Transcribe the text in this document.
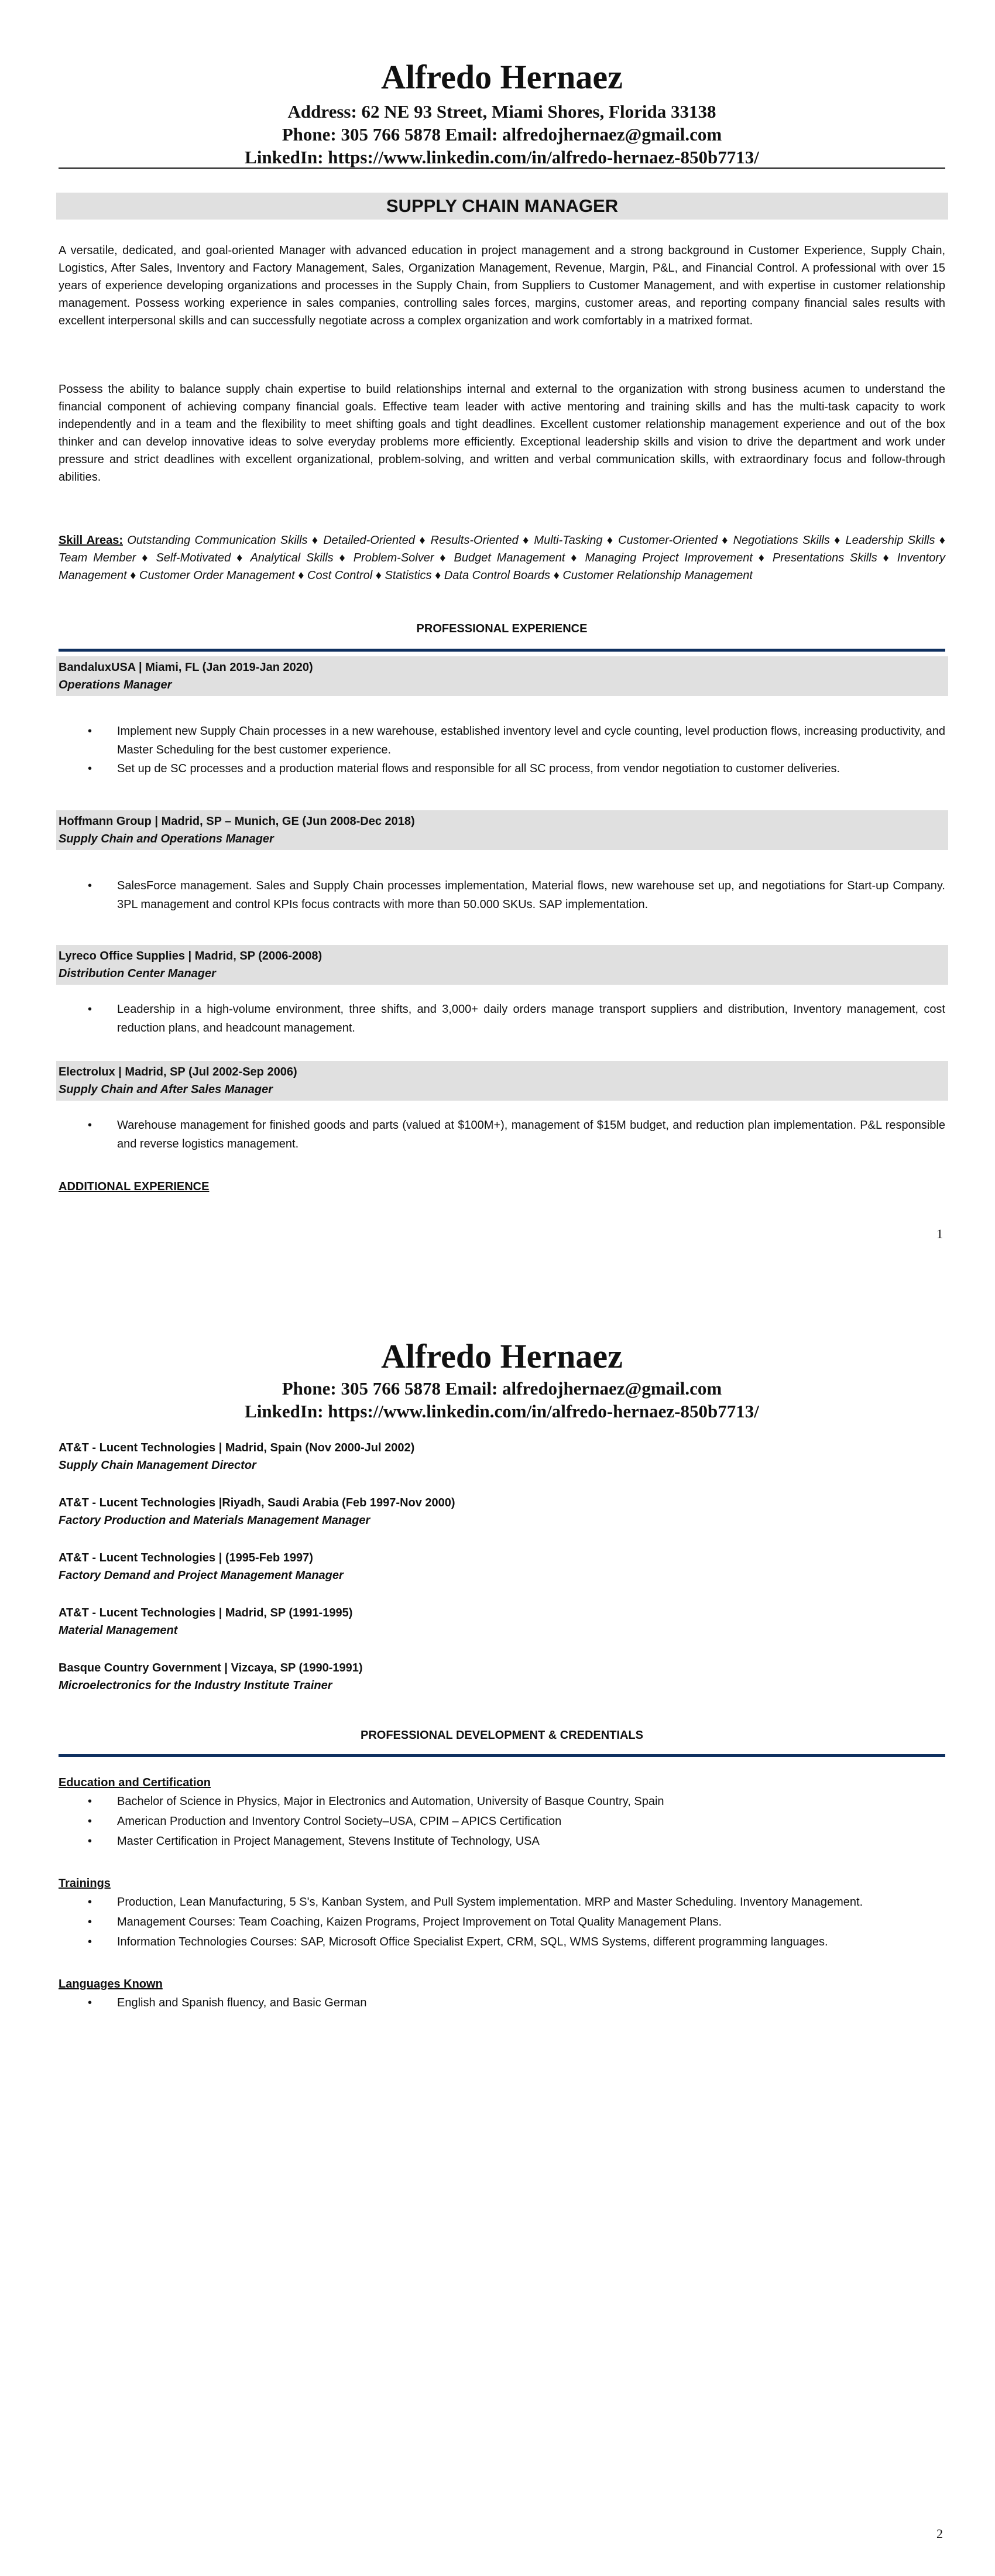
Alfredo Hernaez
Address: 62 NE 93 Street, Miami Shores, Florida 33138
Phone: 305 766 5878 Email: alfredojhernaez@gmail.com
LinkedIn: https://www.linkedin.com/in/alfredo-hernaez-850b7713/
SUPPLY CHAIN MANAGER

A versatile, dedicated, and goal-oriented Manager with advanced education in project management and a strong background in Customer Experience, Supply Chain, Logistics, After Sales, Inventory and Factory Management, Sales, Organization Management, Revenue, Margin, P&L, and Financial Control. A professional with over 15 years of experience developing organizations and processes in the Supply Chain, from Suppliers to Customer Management, and with expertise in customer relationship management. Possess working experience in sales companies, controlling sales forces, margins, customer areas, and reporting company financial sales results with excellent interpersonal skills and can successfully negotiate across a complex organization and work comfortably in a matrixed format.

Possess the ability to balance supply chain expertise to build relationships internal and external to the organization with strong business acumen to understand the financial component of achieving company financial goals. Effective team leader with active mentoring and training skills and has the multi-task capacity to work independently and in a team and the flexibility to meet shifting goals and tight deadlines. Excellent customer relationship management experience and out of the box thinker and can develop innovative ideas to solve everyday problems more efficiently. Exceptional leadership skills and vision to drive the department and work under pressure and strict deadlines with excellent organizational, problem-solving, and written and verbal communication skills, with extraordinary focus and follow-through abilities.

Skill Areas: Outstanding Communication Skills ♦ Detailed-Oriented ♦ Results-Oriented ♦ Multi-Tasking ♦ Customer-Oriented ♦ Negotiations Skills ♦ Leadership Skills ♦ Team Member ♦ Self-Motivated ♦ Analytical Skills ♦ Problem-Solver ♦ Budget Management ♦ Managing Project Improvement ♦ Presentations Skills ♦ Inventory Management ♦ Customer Order Management ♦ Cost Control ♦ Statistics ♦ Data Control Boards ♦ Customer Relationship Management

PROFESSIONAL EXPERIENCE
BandaluxUSA | Miami, FL (Jan 2019-Jan 2020)
Operations Manager
• Implement new Supply Chain processes in a new warehouse, established inventory level and cycle counting, level production flows, increasing productivity, and Master Scheduling for the best customer experience.
• Set up de SC processes and a production material flows and responsible for all SC process, from vendor negotiation to customer deliveries.
Hoffmann Group | Madrid, SP – Munich, GE (Jun 2008-Dec 2018)
Supply Chain and Operations Manager
• SalesForce management. Sales and Supply Chain processes implementation, Material flows, new warehouse set up, and negotiations for Start-up Company. 3PL management and control KPIs focus contracts with more than 50.000 SKUs. SAP implementation.
Lyreco Office Supplies | Madrid, SP (2006-2008)
Distribution Center Manager
• Leadership in a high-volume environment, three shifts, and 3,000+ daily orders manage transport suppliers and distribution, Inventory management, cost reduction plans, and headcount management.
Electrolux | Madrid, SP (Jul 2002-Sep 2006)
Supply Chain and After Sales Manager
• Warehouse management for finished goods and parts (valued at $100M+), management of $15M budget, and reduction plan implementation. P&L responsible and reverse logistics management.
ADDITIONAL EXPERIENCE
1
Alfredo Hernaez
Phone: 305 766 5878 Email: alfredojhernaez@gmail.com
LinkedIn: https://www.linkedin.com/in/alfredo-hernaez-850b7713/
AT&T - Lucent Technologies | Madrid, Spain (Nov 2000-Jul 2002)
Supply Chain Management Director
AT&T - Lucent Technologies |Riyadh, Saudi Arabia (Feb 1997-Nov 2000)
Factory Production and Materials Management Manager
AT&T - Lucent Technologies | (1995-Feb 1997)
Factory Demand and Project Management Manager
AT&T - Lucent Technologies | Madrid, SP (1991-1995)
Material Management
Basque Country Government | Vizcaya, SP (1990-1991)
Microelectronics for the Industry Institute Trainer
PROFESSIONAL DEVELOPMENT & CREDENTIALS
Education and Certification
• Bachelor of Science in Physics, Major in Electronics and Automation, University of Basque Country, Spain
• American Production and Inventory Control Society–USA, CPIM – APICS Certification
• Master Certification in Project Management, Stevens Institute of Technology, USA
Trainings
• Production, Lean Manufacturing, 5 S's, Kanban System, and Pull System implementation. MRP and Master Scheduling. Inventory Management.
• Management Courses: Team Coaching, Kaizen Programs, Project Improvement on Total Quality Management Plans.
• Information Technologies Courses: SAP, Microsoft Office Specialist Expert, CRM, SQL, WMS Systems, different programming languages.
Languages Known
• English and Spanish fluency, and Basic German
2
